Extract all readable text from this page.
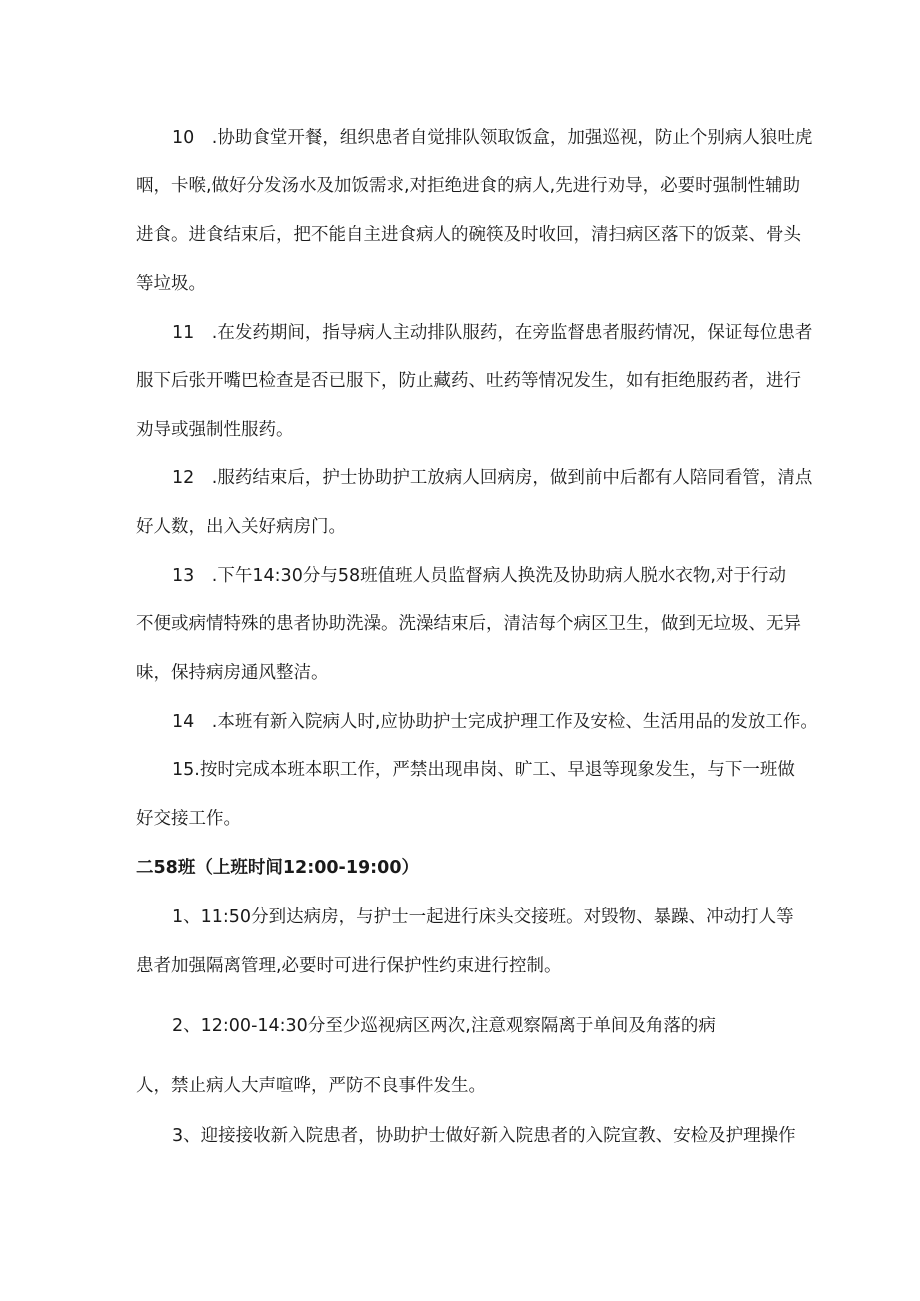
10　.协助食堂开餐，组织患者自觉排队领取饭盒，加强巡视，防止个别病人狼吐虎
咽，卡喉,做好分发汤水及加饭需求,对拒绝进食的病人,先进行劝导，必要时强制性辅助
进食。进食结束后，把不能自主进食病人的碗筷及时收回，清扫病区落下的饭菜、骨头
等垃圾。
11　.在发药期间，指导病人主动排队服药，在旁监督患者服药情况，保证每位患者
服下后张开嘴巴检查是否已服下，防止藏药、吐药等情况发生，如有拒绝服药者，进行
劝导或强制性服药。
12　.服药结束后，护士协助护工放病人回病房，做到前中后都有人陪同看管，清点
好人数，出入关好病房门。
13　.下午14:30分与58班值班人员监督病人换洗及协助病人脱水衣物,对于行动
不便或病情特殊的患者协助洗澡。洗澡结束后，清洁每个病区卫生，做到无垃圾、无异
味，保持病房通风整洁。
14　.本班有新入院病人时,应协助护士完成护理工作及安检、生活用品的发放工作。
15.按时完成本班本职工作，严禁出现串岗、旷工、早退等现象发生，与下一班做
好交接工作。
二58班（上班时间12:00-19:00）
1、11:50分到达病房，与护士一起进行床头交接班。对毁物、暴躁、冲动打人等
患者加强隔离管理,必要时可进行保护性约束进行控制。
2、12:00-14:30分至少巡视病区两次,注意观察隔离于单间及角落的病
人，禁止病人大声喧哗，严防不良事件发生。
3、迎接接收新入院患者，协助护士做好新入院患者的入院宣教、安检及护理操作
